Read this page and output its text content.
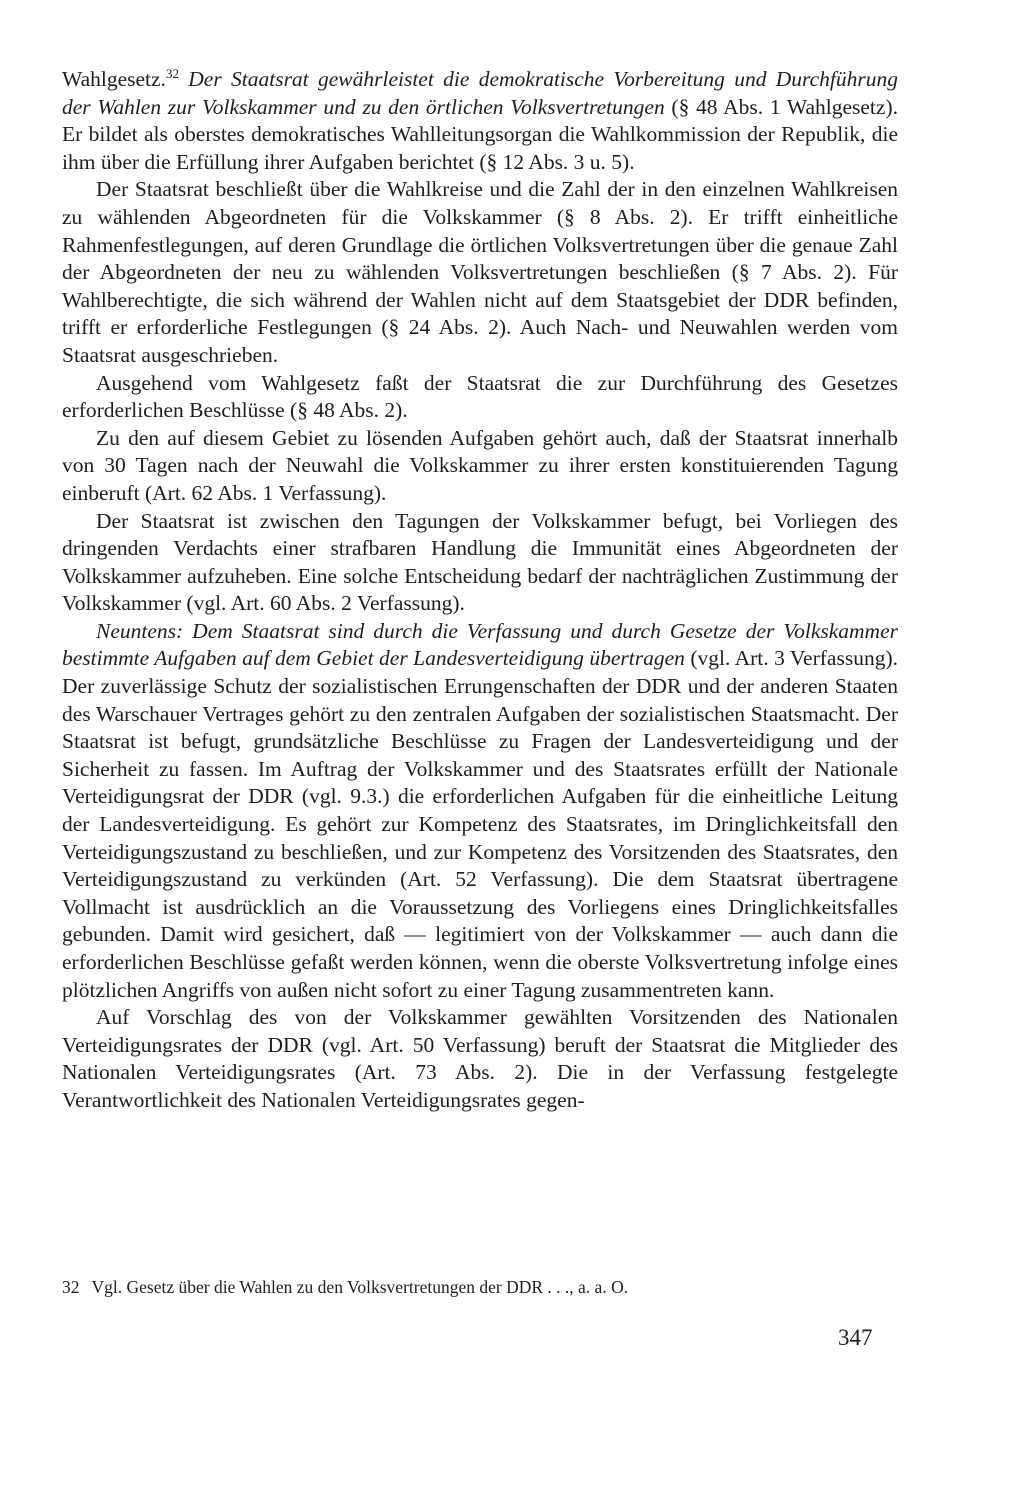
Wahlgesetz.$^{32}$ Der Staatsrat gewährleistet die demokratische Vorbereitung und Durchführung der Wahlen zur Volkskammer und zu den örtlichen Volksvertretungen (§ 48 Abs. 1 Wahlgesetz). Er bildet als oberstes demokratisches Wahlleitungsorgan die Wahlkommission der Republik, die ihm über die Erfüllung ihrer Aufgaben berichtet (§ 12 Abs. 3 u. 5).

Der Staatsrat beschließt über die Wahlkreise und die Zahl der in den einzelnen Wahlkreisen zu wählenden Abgeordneten für die Volkskammer (§ 8 Abs. 2). Er trifft einheitliche Rahmenfestlegungen, auf deren Grundlage die örtlichen Volksvertretungen über die genaue Zahl der Abgeordneten der neu zu wählenden Volksvertretungen beschließen (§ 7 Abs. 2). Für Wahlberechtigte, die sich während der Wahlen nicht auf dem Staatsgebiet der DDR befinden, trifft er erforderliche Festlegungen (§ 24 Abs. 2). Auch Nach- und Neuwahlen werden vom Staatsrat ausgeschrieben.

Ausgehend vom Wahlgesetz faßt der Staatsrat die zur Durchführung des Gesetzes erforderlichen Beschlüsse (§ 48 Abs. 2).

Zu den auf diesem Gebiet zu lösenden Aufgaben gehört auch, daß der Staatsrat innerhalb von 30 Tagen nach der Neuwahl die Volkskammer zu ihrer ersten konstituierenden Tagung einberuft (Art. 62 Abs. 1 Verfassung).

Der Staatsrat ist zwischen den Tagungen der Volkskammer befugt, bei Vorliegen des dringenden Verdachts einer strafbaren Handlung die Immunität eines Abgeordneten der Volkskammer aufzuheben. Eine solche Entscheidung bedarf der nachträglichen Zustimmung der Volkskammer (vgl. Art. 60 Abs. 2 Verfassung).

Neuntens: Dem Staatsrat sind durch die Verfassung und durch Gesetze der Volkskammer bestimmte Aufgaben auf dem Gebiet der Landesverteidigung übertragen (vgl. Art. 3 Verfassung). Der zuverlässige Schutz der sozialistischen Errungenschaften der DDR und der anderen Staaten des Warschauer Vertrages gehört zu den zentralen Aufgaben der sozialistischen Staatsmacht. Der Staatsrat ist befugt, grundsätzliche Beschlüsse zu Fragen der Landesverteidigung und der Sicherheit zu fassen. Im Auftrag der Volkskammer und des Staatsrates erfüllt der Nationale Verteidigungsrat der DDR (vgl. 9.3.) die erforderlichen Aufgaben für die einheitliche Leitung der Landesverteidigung. Es gehört zur Kompetenz des Staatsrates, im Dringlichkeitsfall den Verteidigungszustand zu beschließen, und zur Kompetenz des Vorsitzenden des Staatsrates, den Verteidigungszustand zu verkünden (Art. 52 Verfassung). Die dem Staatsrat übertragene Vollmacht ist ausdrücklich an die Voraussetzung des Vorliegens eines Dringlichkeitsfalles gebunden. Damit wird gesichert, daß — legitimiert von der Volkskammer — auch dann die erforderlichen Beschlüsse gefaßt werden können, wenn die oberste Volksvertretung infolge eines plötzlichen Angriffs von außen nicht sofort zu einer Tagung zusammentreten kann.

Auf Vorschlag des von der Volkskammer gewählten Vorsitzenden des Nationalen Verteidigungsrates der DDR (vgl. Art. 50 Verfassung) beruft der Staatsrat die Mitglieder des Nationalen Verteidigungsrates (Art. 73 Abs. 2). Die in der Verfassung festgelegte Verantwortlichkeit des Nationalen Verteidigungsrates gegen-

32 Vgl. Gesetz über die Wahlen zu den Volksvertretungen der DDR . . ., a. a. O.

347
